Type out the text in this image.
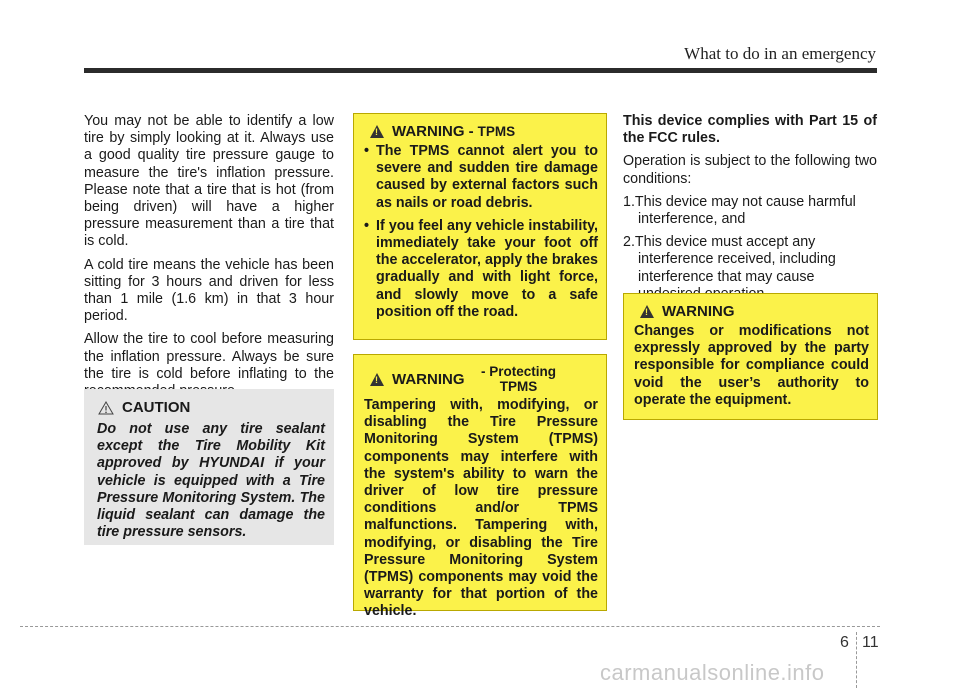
What to do in an emergency

You may not be able to identify a low tire by simply looking at it. Always use a good quality tire pressure gauge to measure the tire's inflation pressure. Please note that a tire that is hot (from being driven) will have a higher pressure measurement than a tire that is cold.

A cold tire means the vehicle has been sitting for 3 hours and driven for less than 1 mile (1.6 km) in that 3 hour period.

Allow the tire to cool before measuring the inflation pressure. Always be sure the tire is cold before inflating to the

CAUTION
Do not use any tire sealant except the Tire Mobility Kit approved by HYUNDAI if your vehicle is equipped with a Tire Pressure Monitoring System. The liquid sealant can damage the tire pressure sensors.
!
WARNING - TPMS
• The TPMS cannot alert you to severe and sudden tire damage caused by external factors such as nails or road debris.
• If you feel any vehicle instability, immediately take your foot off the accelerator, apply the brakes gradually and with light force, and slowly move to a safe position off the road.
!
WARNING	- Protecting TPMS
Tampering with, modifying, or disabling the Tire Pressure Monitoring System (TPMS) components may interfere with the system's ability to warn the driver of low tire pressure conditions and/or TPMS malfunctions. Tampering with, modifying, or disabling the Tire Pressure Monitoring System (TPMS) components may void the warranty for that portion of the vehicle.

This device complies with Part 15 of the FCC rules.

Operation is subject to the following two conditions:

1.This device may not cause harmful interference, and
2.This device must accept any interference received, including interference that may cause
!
WARNING
Changes or modifications not expressly approved by the party responsible for compliance could void the user’s authority to operate the equipment.
6 11
carmanualsonline.info
